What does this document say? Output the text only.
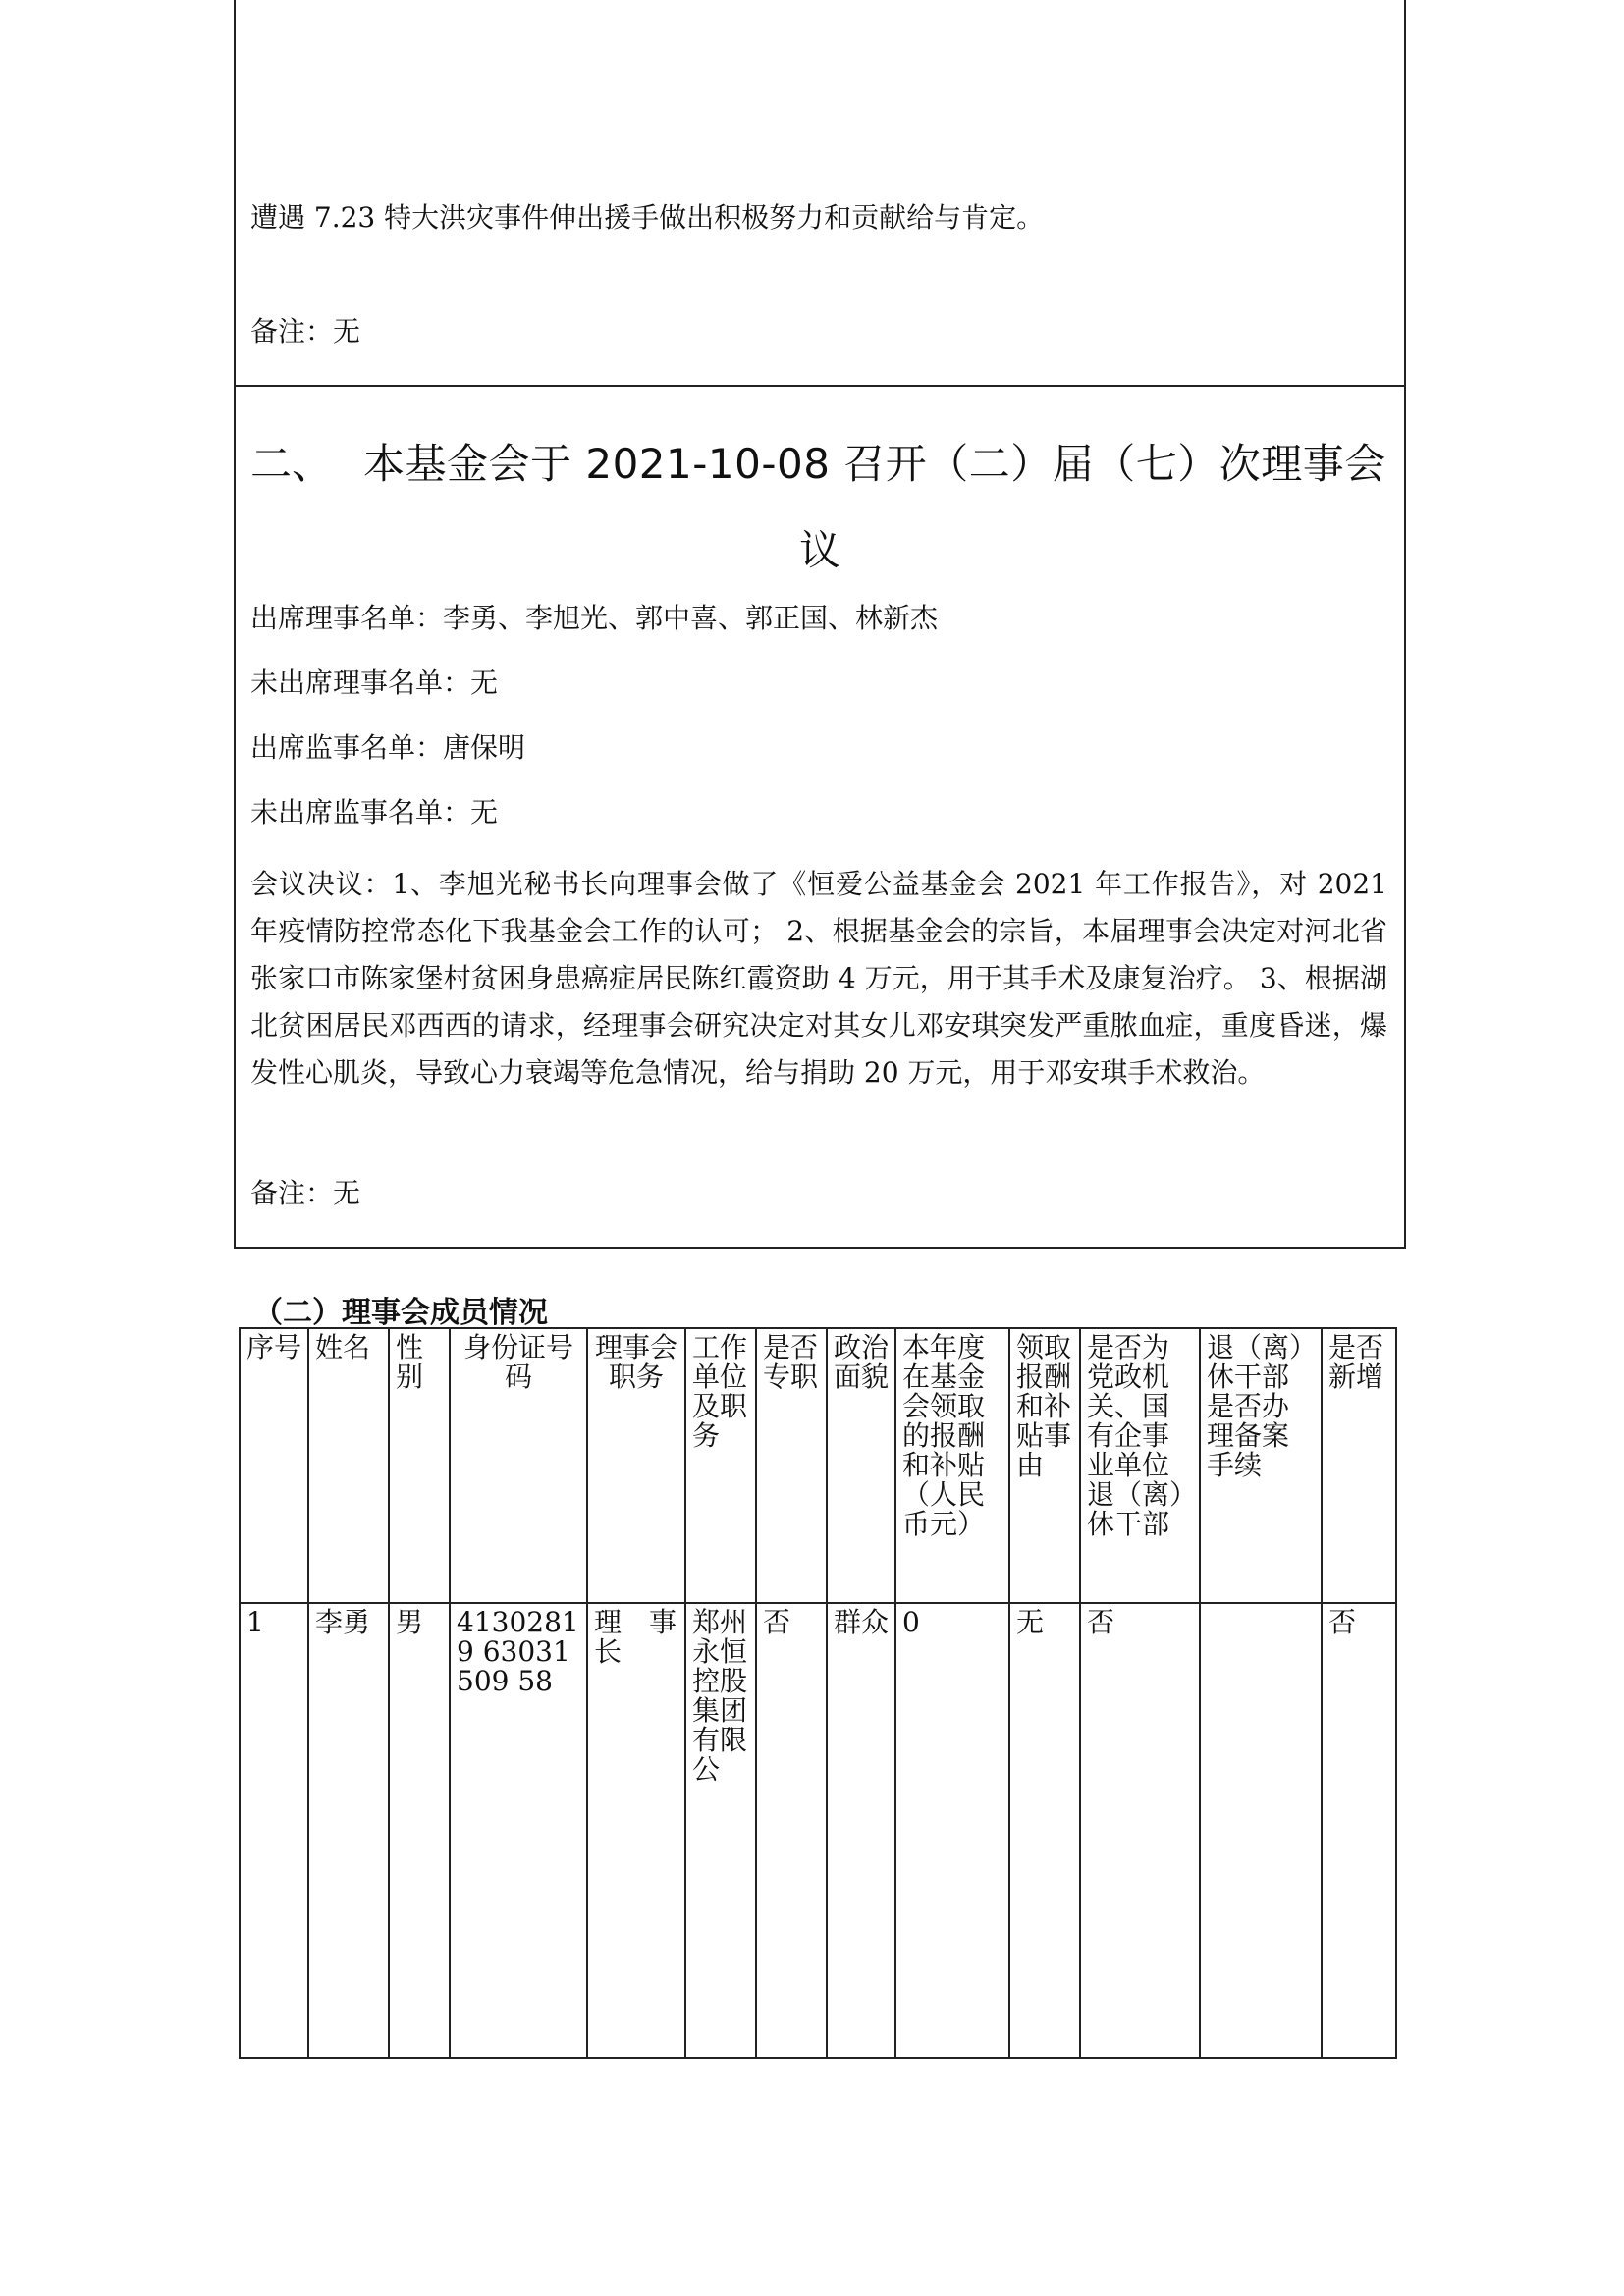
遭遇 7.23 特大洪灾事件伸出援手做出积极努力和贡献给与肯定。
备注：无
二、 本基金会于 2021-10-08 召开（二）届（七）次理事会
议
出席理事名单：李勇、李旭光、郭中喜、郭正国、林新杰
未出席理事名单：无
出席监事名单：唐保明
未出席监事名单：无
会议决议：1、李旭光秘书长向理事会做了《恒爱公益基金会 2021 年工作报告》，对 2021 年疫情防控常态化下我基金会工作的认可； 2、根据基金会的宗旨，本届理事会决定对河北省张家口市陈家堡村贫困身患癌症居民陈红霞资助 4 万元，用于其手术及康复治疗。 3、根据湖北贫困居民邓西西的请求，经理事会研究决定对其女儿邓安琪突发严重脓血症，重度昏迷，爆发性心肌炎，导致心力衰竭等危急情况，给与捐助 20 万元，用于邓安琪手术救治。
备注：无
（二）理事会成员情况
序号	姓名	性别	身份证号码	理事会职务	工作单位及职务	是否专职	政治面貌	本年度在基金会领取的报酬和补贴（人民币元）	领取报酬和补贴事由	是否为党政机关、国有企事业单位退（离）休干部	退（离）休干部是否办理备案手续	是否新增
1	李勇	男	41302819 63031509 58	理　事长	郑州永恒控股集团有限公	否	群众	0	无	否		否
